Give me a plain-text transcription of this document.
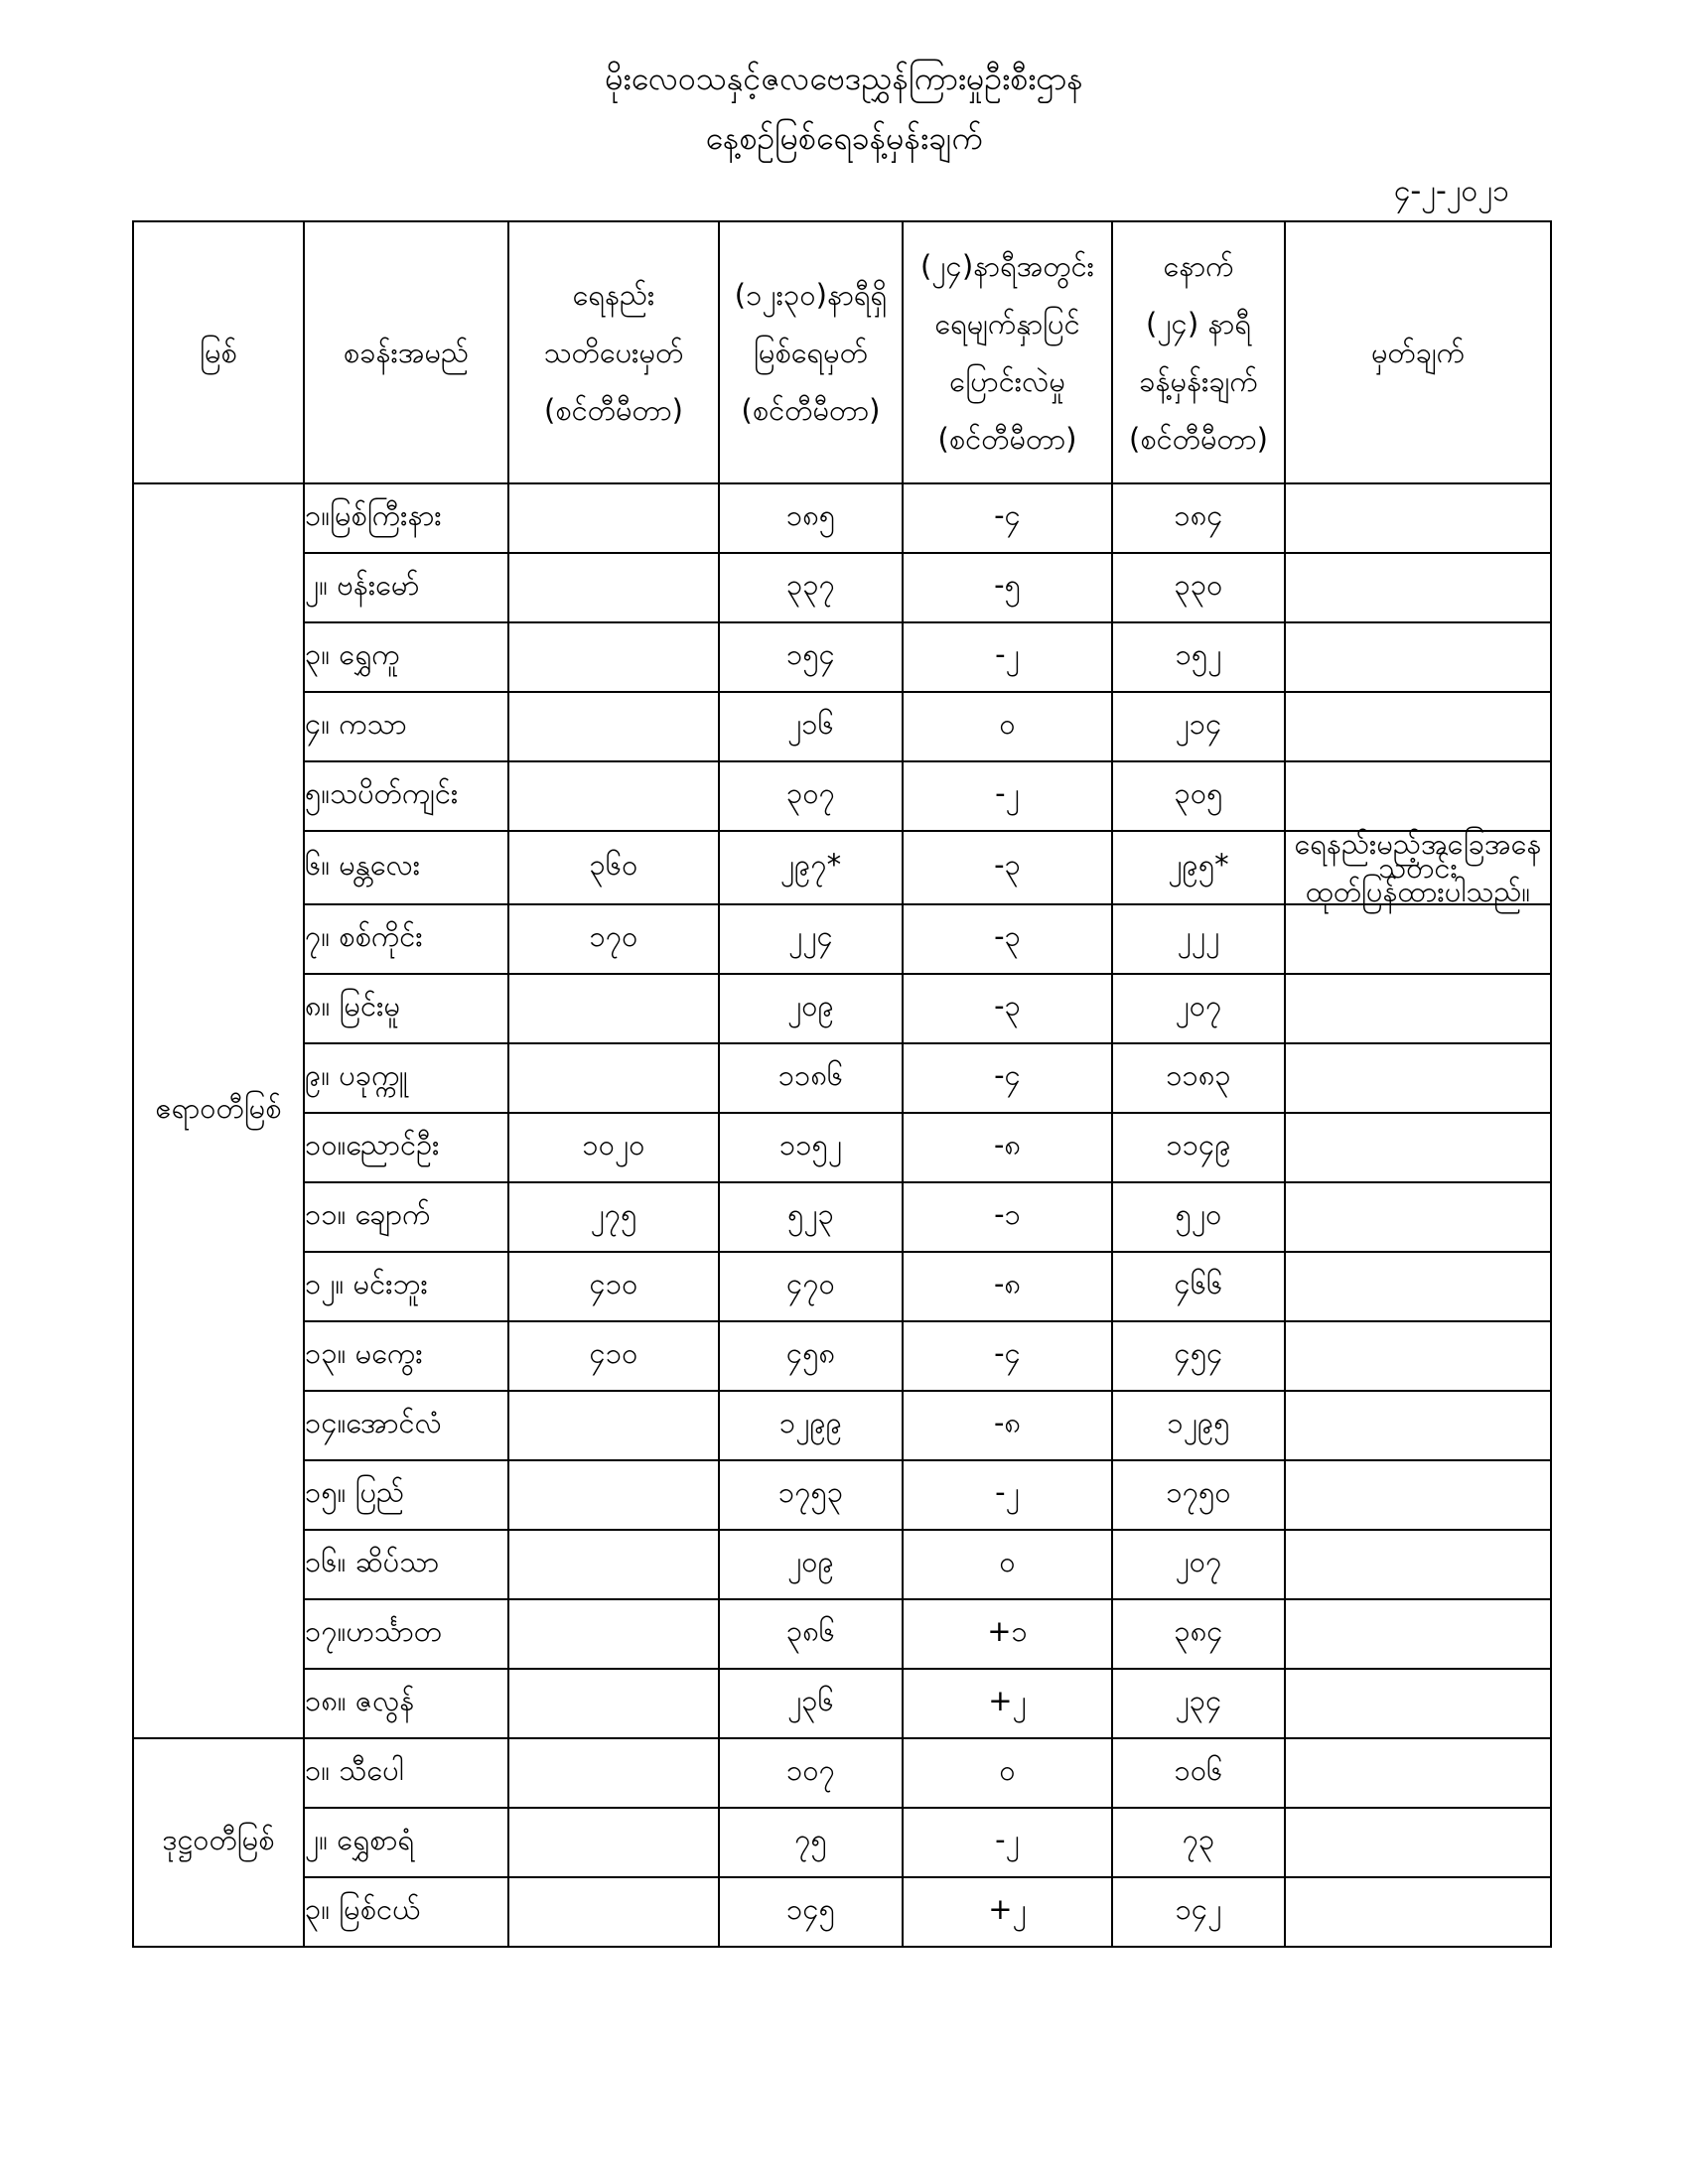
မိုးလေဝသနှင့်ဇလဗေဒညွှန်ကြားမှုဦးစီးဌာန
နေ့စဉ်မြစ်ရေခန့်မှန်းချက်
၄-၂-၂၀၂၁
မြစ်	စခန်းအမည်	ရေနည်း
သတိပေးမှတ်
(စင်တီမီတာ)	(၁၂း၃၀)နာရီရှိ
မြစ်ရေမှတ်
(စင်တီမီတာ)	(၂၄)နာရီအတွင်း
ရေမျက်နှာပြင်
ပြောင်းလဲမှု
(စင်တီမီတာ)	နောက်
(၂၄) နာရီ
ခန့်မှန်းချက်
(စင်တီမီတာ)	မှတ်ချက်
ဧရာဝတီမြစ်	၁။မြစ်ကြီးနား		၁၈၅	-၄	၁၈၄	

	၂။ ဗန်းမော်		၃၃၇	-၅	၃၃၀	

	၃။ ရွှေကူ		၁၅၄	-၂	၁၅၂	

	၄။ ကသာ		၂၁၆	၀	၂၁၄	

	၅။သပိတ်ကျင်း		၃၀၇	-၂	၃၀၅	

	၆။ မန္တလေး	၃၆၀	၂၉၇*	-၃	၂၉၅*	ရေနည်းမည့်အခြေအနေသတင်း
ထုတ်ပြန်ထားပါသည်။

	၇။ စစ်ကိုင်း	၁၇၀	၂၂၄	-၃	၂၂၂	

	၈။ မြင်းမူ		၂၀၉	-၃	၂၀၇	

	၉။ ပခုက္ကူ		၁၁၈၆	-၄	၁၁၈၃	

	၁၀။ညောင်ဦး	၁၀၂၀	၁၁၅၂	-၈	၁၁၄၉	

	၁၁။ ချောက်	၂၇၅	၅၂၃	-၁	၅၂၀	

	၁၂။ မင်းဘူး	၄၁၀	၄၇၀	-၈	၄၆၆	

	၁၃။ မကွေး	၄၁၀	၄၅၈	-၄	၄၅၄	

	၁၄။အောင်လံ		၁၂၉၉	-၈	၁၂၉၅	

	၁၅။ ပြည်		၁၇၅၃	-၂	၁၇၅၀	

	၁၆။ ဆိပ်သာ		၂၀၉	၀	၂၀၇	

	၁၇။ဟင်္သာတ		၃၈၆	+၁	၃၈၄	

	၁၈။ ဇလွန်		၂၃၆	+၂	၂၃၄	

ဒုဋ္ဌဝတီမြစ်	၁။ သီပေါ		၁၀၇	၀	၁၀၆	

	၂။ ရွှေစာရံ		၇၅	-၂	၇၃	

	၃။ မြစ်ငယ်		၁၄၅	+၂	၁၄၂	
